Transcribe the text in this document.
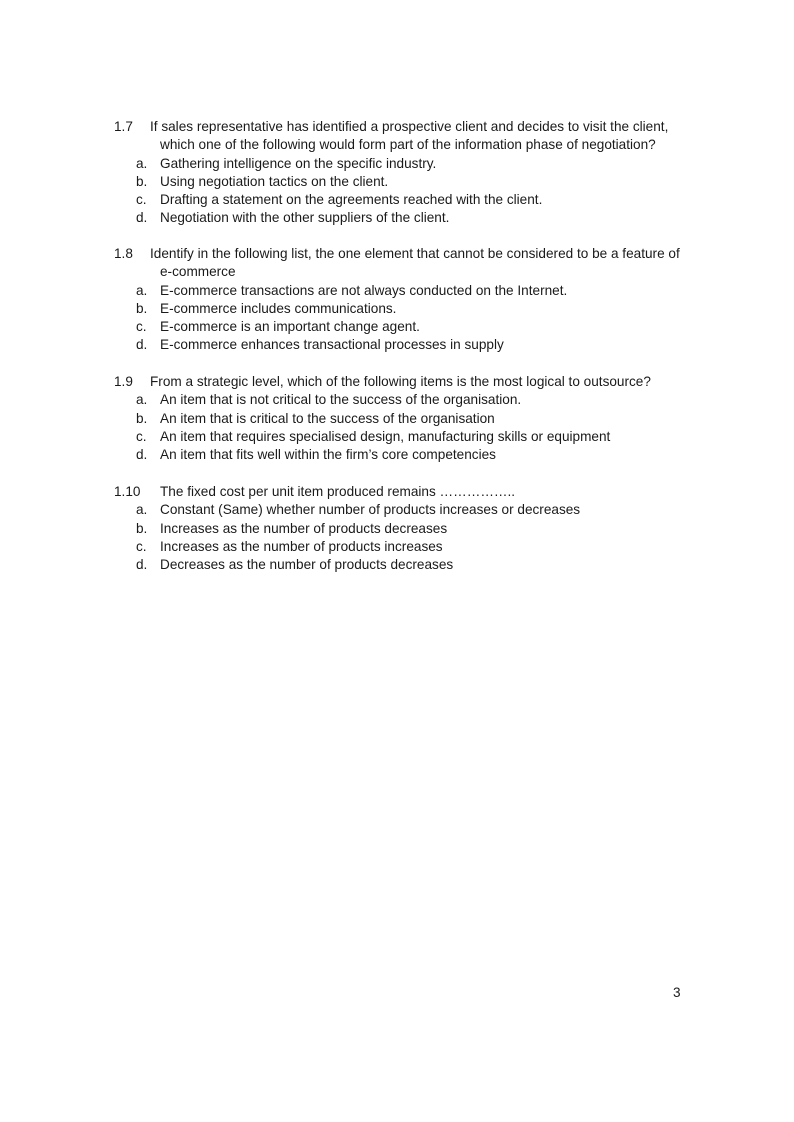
1.7 If sales representative has identified a prospective client and decides to visit the client, which one of the following would form part of the information phase of negotiation?
a. Gathering intelligence on the specific industry.
b. Using negotiation tactics on the client.
c. Drafting a statement on the agreements reached with the client.
d. Negotiation with the other suppliers of the client.
1.8 Identify in the following list, the one element that cannot be considered to be a feature of e-commerce
a. E-commerce transactions are not always conducted on the Internet.
b. E-commerce includes communications.
c. E-commerce is an important change agent.
d. E-commerce enhances transactional processes in supply
1.9 From a strategic level, which of the following items is the most logical to outsource?
a. An item that is not critical to the success of the organisation.
b. An item that is critical to the success of the organisation
c. An item that requires specialised design, manufacturing skills or equipment
d. An item that fits well within the firm’s core competencies
1.10 The fixed cost per unit item produced remains ……………..
a. Constant (Same) whether number of products increases or decreases
b. Increases as the number of products decreases
c. Increases as the number of products increases
d. Decreases as the number of products decreases
3
